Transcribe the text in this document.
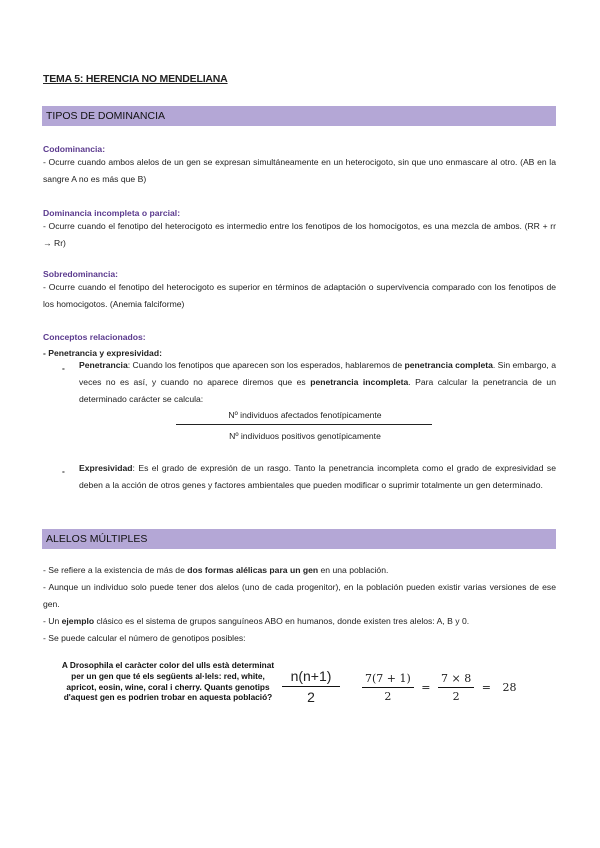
TEMA 5: HERENCIA NO MENDELIANA
TIPOS DE DOMINANCIA
Codominancia:

- Ocurre cuando ambos alelos de un gen se expresan simultáneamente en un heterocigoto, sin que uno enmascare al otro. (AB en la sangre A no es más que B)

Dominancia incompleta o parcial:

- Ocurre cuando el fenotipo del heterocigoto es intermedio entre los fenotipos de los homocigotos, es una mezcla de ambos. (RR + rr → Rr)

Sobredominancia:

- Ocurre cuando el fenotipo del heterocigoto es superior en términos de adaptación o supervivencia comparado con los fenotipos de los homocigotos. (Anemia falciforme)

Conceptos relacionados:
- Penetrancia y expresividad:
- Penetrancia: Cuando los fenotipos que aparecen son los esperados, hablaremos de penetrancia completa. Sin embargo, a veces no es así, y cuando no aparece diremos que es penetrancia incompleta. Para calcular la penetrancia de un determinado carácter se calcula:

Nº individuos afectados fenotípicamente
Nº individuos positivos genotípicamente
- Expresividad: Es el grado de expresión de un rasgo. Tanto la penetrancia incompleta como el grado de expresividad se deben a la acción de otros genes y factores ambientales que pueden modificar o suprimir totalmente un gen determinado.

ALELOS MÚLTIPLES

- Se refiere a la existencia de más de dos formas alélicas para un gen en una población.

- Aunque un individuo solo puede tener dos alelos (uno de cada progenitor), en la población pueden existir varias versiones de ese gen.

- Un ejemplo clásico es el sistema de grupos sanguíneos ABO en humanos, donde existen tres alelos: A, B y 0.

- Se puede calcular el número de genotipos posibles:

A Drosophila el caràcter color del ulls està determinat per un gen que té els següents al·lels: red, white, apricot, eosin, wine, coral i cherry. Quants genotips d'aquest gen es podrien trobar en aquesta població?
n(n+1)
2	$\frac{7(7 + 1)}{2} = \frac{7 \times 8}{2} = 28$
